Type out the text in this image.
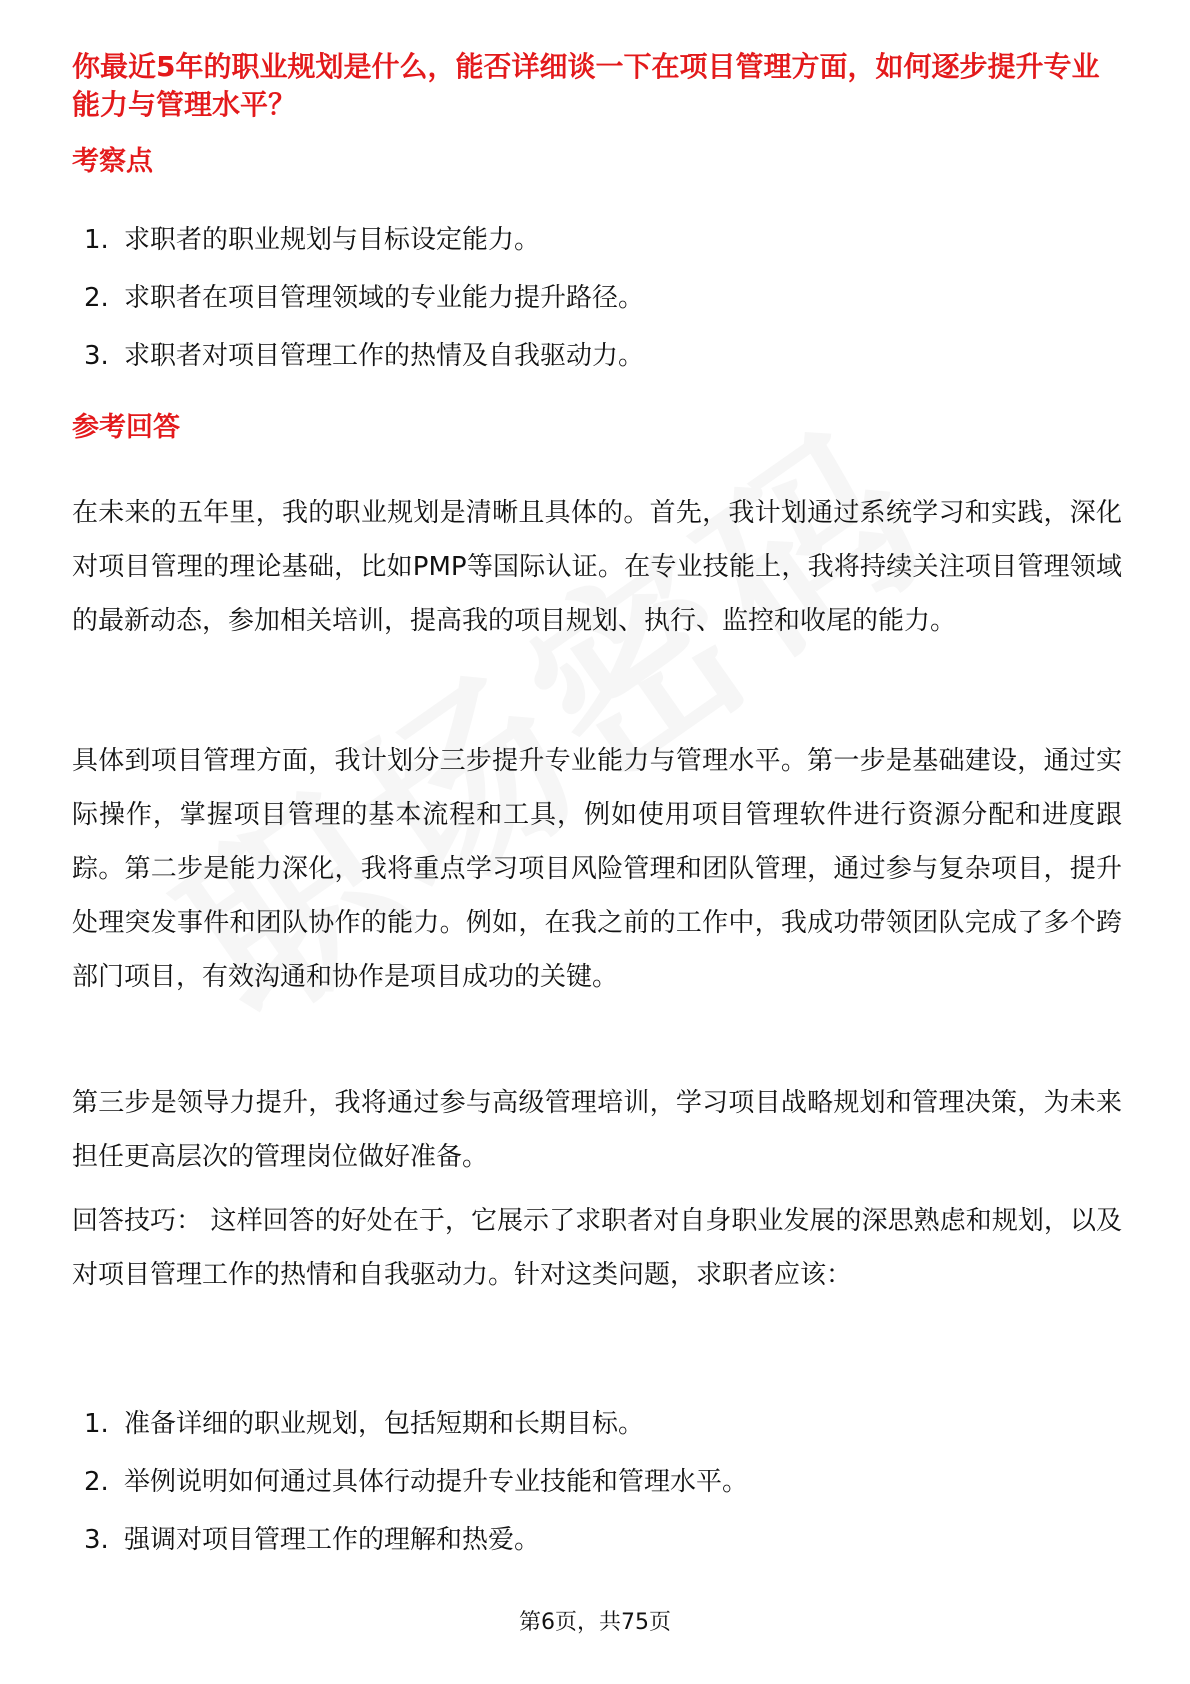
你最近5年的职业规划是什么，能否详细谈一下在项目管理方面，如何逐步提升专业能力与管理水平？

考察点
1. 求职者的职业规划与目标设定能力。
2. 求职者在项目管理领域的专业能力提升路径。
3. 求职者对项目管理工作的热情及自我驱动力。
参考回答

在未来的五年里，我的职业规划是清晰且具体的。首先，我计划通过系统学习和实践，深化对项目管理的理论基础，比如PMP等国际认证。在专业技能上，我将持续关注项目管理领域的最新动态，参加相关培训，提高我的项目规划、执行、监控和收尾的能力。

具体到项目管理方面，我计划分三步提升专业能力与管理水平。第一步是基础建设，通过实际操作，掌握项目管理的基本流程和工具，例如使用项目管理软件进行资源分配和进度跟踪。第二步是能力深化，我将重点学习项目风险管理和团队管理，通过参与复杂项目，提升处理突发事件和团队协作的能力。例如，在我之前的工作中，我成功带领团队完成了多个跨部门项目，有效沟通和协作是项目成功的关键。

第三步是领导力提升，我将通过参与高级管理培训，学习项目战略规划和管理决策，为未来担任更高层次的管理岗位做好准备。

回答技巧： 这样回答的好处在于，它展示了求职者对自身职业发展的深思熟虑和规划，以及对项目管理工作的热情和自我驱动力。针对这类问题，求职者应该：

1. 准备详细的职业规划，包括短期和长期目标。
2. 举例说明如何通过具体行动提升专业技能和管理水平。
3. 强调对项目管理工作的理解和热爱。
第6页，共75页
